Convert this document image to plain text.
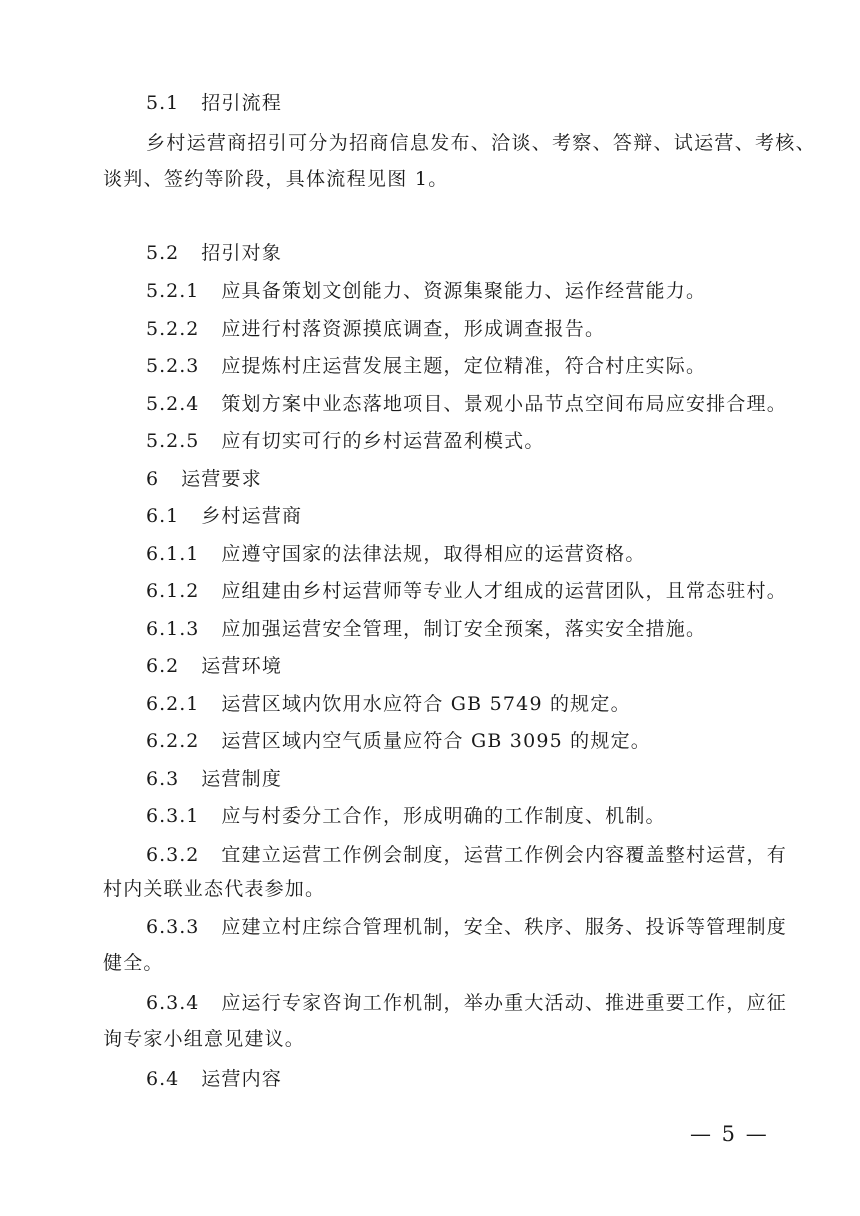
5.1 招引流程
乡村运营商招引可分为招商信息发布、洽谈、考察、答辩、试运营、考核、
谈判、签约等阶段，具体流程见图 1。
5.2 招引对象
5.2.1 应具备策划文创能力、资源集聚能力、运作经营能力。
5.2.2 应进行村落资源摸底调查，形成调查报告。
5.2.3 应提炼村庄运营发展主题，定位精准，符合村庄实际。
5.2.4 策划方案中业态落地项目、景观小品节点空间布局应安排合理。
5.2.5 应有切实可行的乡村运营盈利模式。
6 运营要求
6.1 乡村运营商
6.1.1 应遵守国家的法律法规，取得相应的运营资格。
6.1.2 应组建由乡村运营师等专业人才组成的运营团队，且常态驻村。
6.1.3 应加强运营安全管理，制订安全预案，落实安全措施。
6.2 运营环境
6.2.1 运营区域内饮用水应符合 GB 5749 的规定。
6.2.2 运营区域内空气质量应符合 GB 3095 的规定。
6.3 运营制度
6.3.1 应与村委分工合作，形成明确的工作制度、机制。
6.3.2 宜建立运营工作例会制度，运营工作例会内容覆盖整村运营，有
村内关联业态代表参加。
6.3.3 应建立村庄综合管理机制，安全、秩序、服务、投诉等管理制度
健全。
6.3.4 应运行专家咨询工作机制，举办重大活动、推进重要工作，应征
询专家小组意见建议。
6.4 运营内容
— 5 —
